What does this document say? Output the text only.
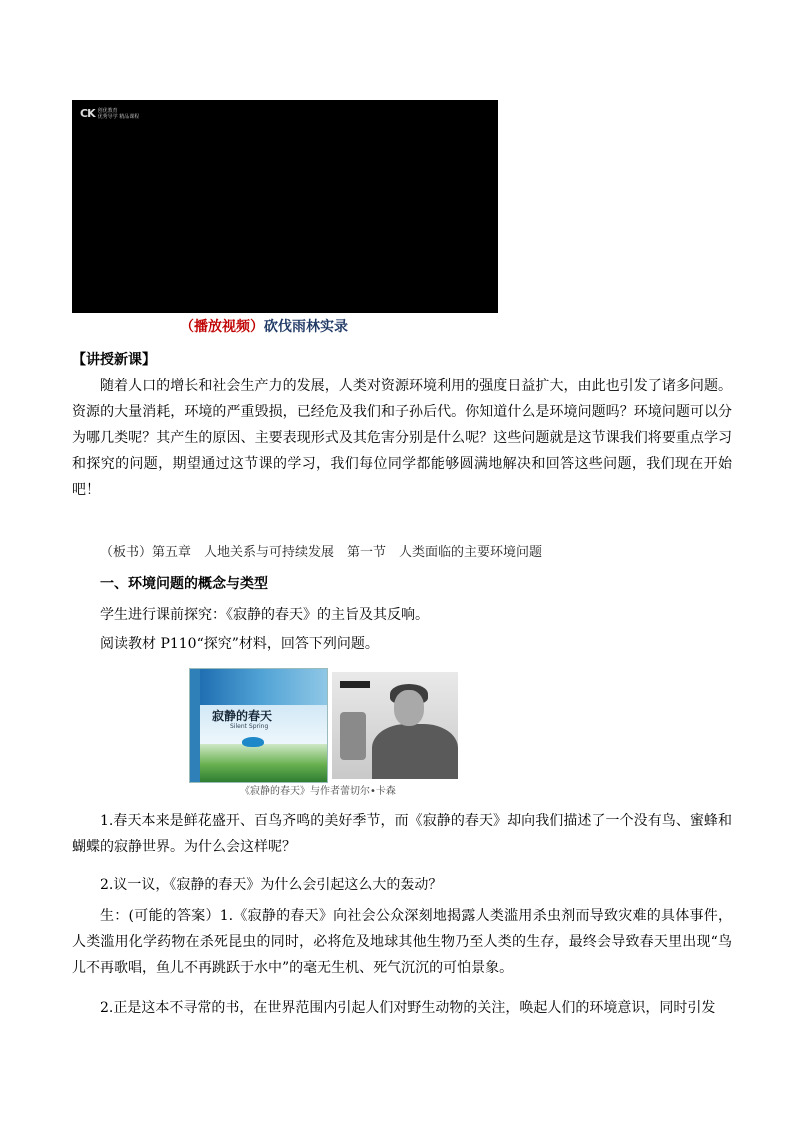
CK 创优教育
优秀导学 精品课程
（播放视频）砍伐雨林实录
【讲授新课】
随着人口的增长和社会生产力的发展，人类对资源环境利用的强度日益扩大，由此也引发了诸多问题。资源的大量消耗，环境的严重毁损，已经危及我们和子孙后代。你知道什么是环境问题吗？环境问题可以分为哪几类呢？其产生的原因、主要表现形式及其危害分别是什么呢？这些问题就是这节课我们将要重点学习和探究的问题，期望通过这节课的学习，我们每位同学都能够圆满地解决和回答这些问题，我们现在开始吧！
（板书）第五章　人地关系与可持续发展　第一节　人类面临的主要环境问题
一、环境问题的概念与类型
学生进行课前探究：《寂静的春天》的主旨及其反响。
阅读教材 P110“探究”材料，回答下列问题。
寂静的春天
Silent Spring
《寂静的春天》与作者蕾切尔•卡森
1.春天本来是鲜花盛开、百鸟齐鸣的美好季节，而《寂静的春天》却向我们描述了一个没有鸟、蜜蜂和蝴蝶的寂静世界。为什么会这样呢？
2.议一议，《寂静的春天》为什么会引起这么大的轰动？
生：(可能的答案）1.《寂静的春天》向社会公众深刻地揭露人类滥用杀虫剂而导致灾难的具体事件，人类滥用化学药物在杀死昆虫的同时，必将危及地球其他生物乃至人类的生存，最终会导致春天里出现“鸟儿不再歌唱，鱼儿不再跳跃于水中”的毫无生机、死气沉沉的可怕景象。
2.正是这本不寻常的书，在世界范围内引起人们对野生动物的关注，唤起人们的环境意识，同时引发
